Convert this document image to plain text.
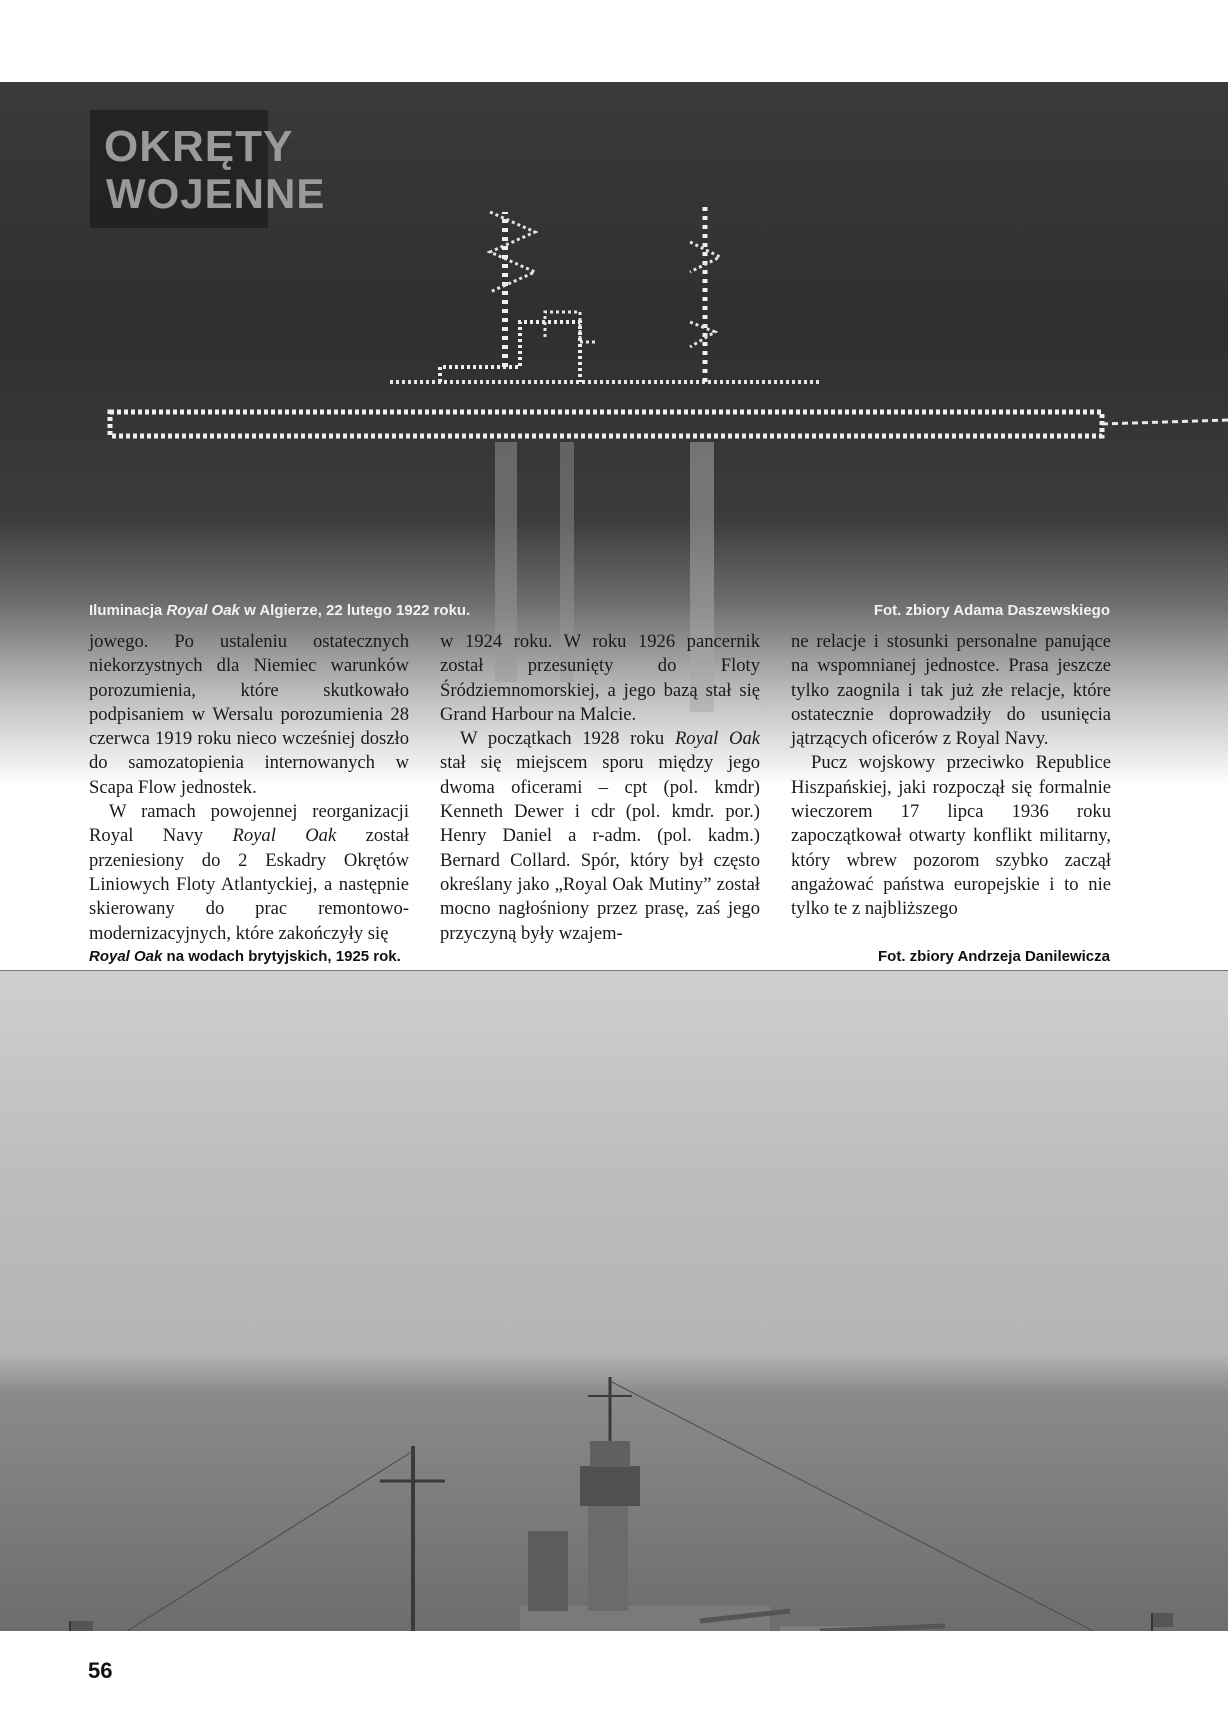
OKRĘTY
WOJENNE
Iluminacja Royal Oak w Algierze, 22 lutego 1922 roku.	Fot. zbiory Adama Daszewskiego

jowego. Po ustaleniu ostatecznych niekorzystnych dla Niemiec warunków porozumienia, które skutkowało podpisaniem w Wersalu porozumienia 28 czerwca 1919 roku nieco wcześniej doszło do samozatopienia internowanych w Scapa Flow jednostek.

W ramach powojennej reorganizacji Royal Navy Royal Oak został przeniesiony do 2 Eskadry Okrętów Liniowych Floty Atlantyckiej, a następnie skierowany do prac remontowo-modernizacyjnych, które zakończyły się

w 1924 roku. W roku 1926 pancernik został przesunięty do Floty Śródziemnomorskiej, a jego bazą stał się Grand Harbour na Malcie.

W początkach 1928 roku Royal Oak stał się miejscem sporu między jego dwoma oficerami – cpt (pol. kmdr) Kenneth Dewer i cdr (pol. kmdr. por.) Henry Daniel a r-adm. (pol. kadm.) Bernard Collard. Spór, który był często określany jako „Royal Oak Mutiny” został mocno nagłośniony przez prasę, zaś jego przyczyną były wzajem-

ne relacje i stosunki personalne panujące na wspomnianej jednostce. Prasa jeszcze tylko zaognila i tak już złe relacje, które ostatecznie doprowadziły do usunięcia jątrzących oficerów z Royal Navy.

Pucz wojskowy przeciwko Republice Hiszpańskiej, jaki rozpoczął się formalnie wieczorem 17 lipca 1936 roku zapoczątkował otwarty konflikt militarny, który wbrew pozorom szybko zaczął angażować państwa europejskie i to nie tylko te z najbliższego

Royal Oak na wodach brytyjskich, 1925 rok.	Fot. zbiory Andrzeja Danilewicza
56
